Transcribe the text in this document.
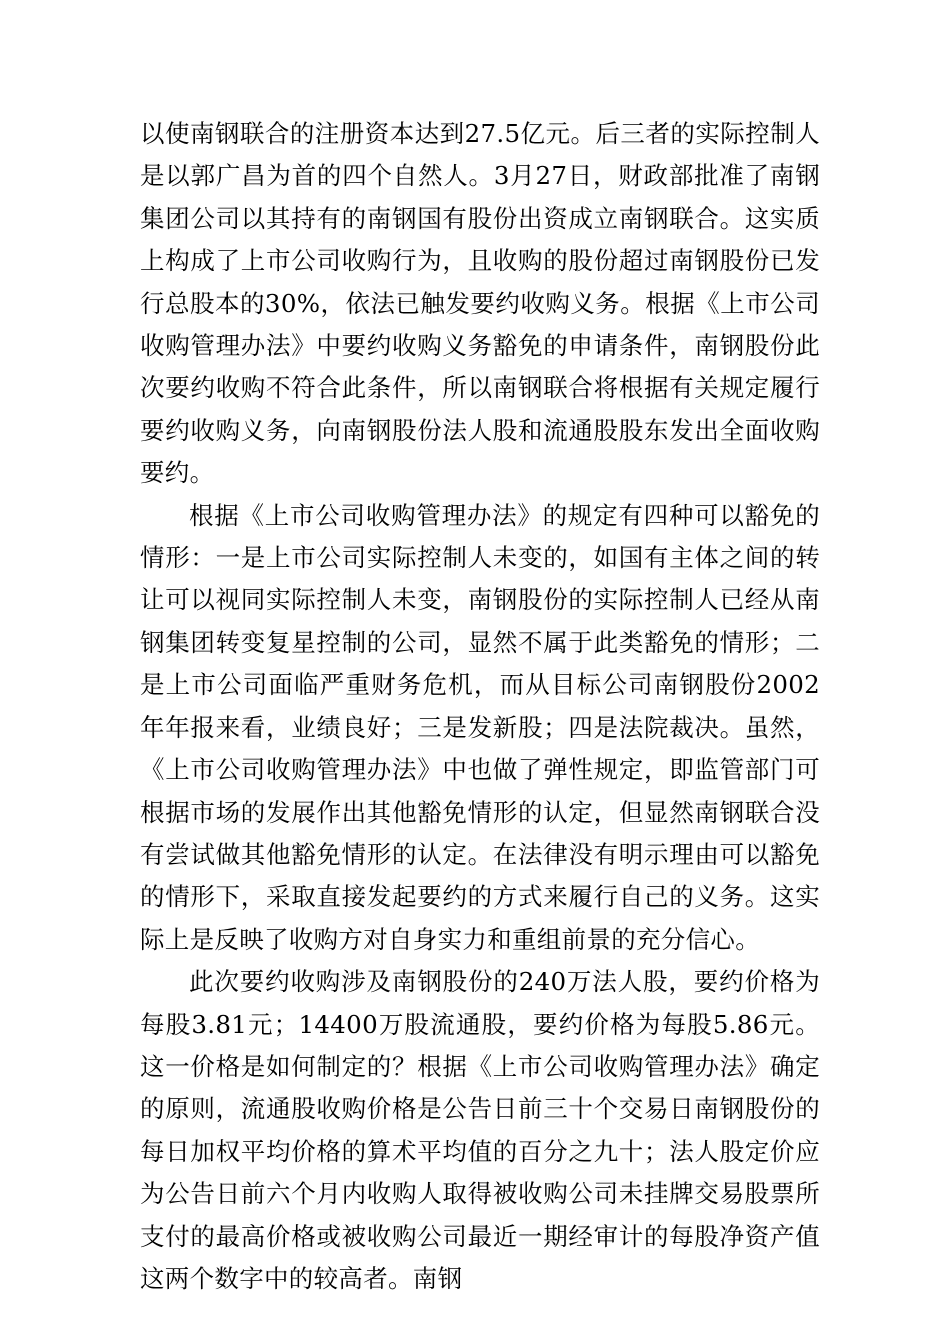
以使南钢联合的注册资本达到27.5亿元。后三者的实际控制人是以郭广昌为首的四个自然人。3月27日，财政部批准了南钢集团公司以其持有的南钢国有股份出资成立南钢联合。这实质上构成了上市公司收购行为，且收购的股份超过南钢股份已发行总股本的30%，依法已触发要约收购义务。根据《上市公司收购管理办法》中要约收购义务豁免的申请条件，南钢股份此次要约收购不符合此条件，所以南钢联合将根据有关规定履行要约收购义务，向南钢股份法人股和流通股股东发出全面收购要约。

根据《上市公司收购管理办法》的规定有四种可以豁免的情形：一是上市公司实际控制人未变的，如国有主体之间的转让可以视同实际控制人未变，南钢股份的实际控制人已经从南钢集团转变复星控制的公司，显然不属于此类豁免的情形；二是上市公司面临严重财务危机，而从目标公司南钢股份2002年年报来看，业绩良好；三是发新股；四是法院裁决。虽然，《上市公司收购管理办法》中也做了弹性规定，即监管部门可根据市场的发展作出其他豁免情形的认定，但显然南钢联合没有尝试做其他豁免情形的认定。在法律没有明示理由可以豁免的情形下，采取直接发起要约的方式来履行自己的义务。这实际上是反映了收购方对自身实力和重组前景的充分信心。

此次要约收购涉及南钢股份的240万法人股，要约价格为每股3.81元；14400万股流通股，要约价格为每股5.86元。这一价格是如何制定的？根据《上市公司收购管理办法》确定的原则，流通股收购价格是公告日前三十个交易日南钢股份的每日加权平均价格的算术平均值的百分之九十；法人股定价应为公告日前六个月内收购人取得被收购公司未挂牌交易股票所支付的最高价格或被收购公司最近一期经审计的每股净资产值这两个数字中的较高者。南钢
